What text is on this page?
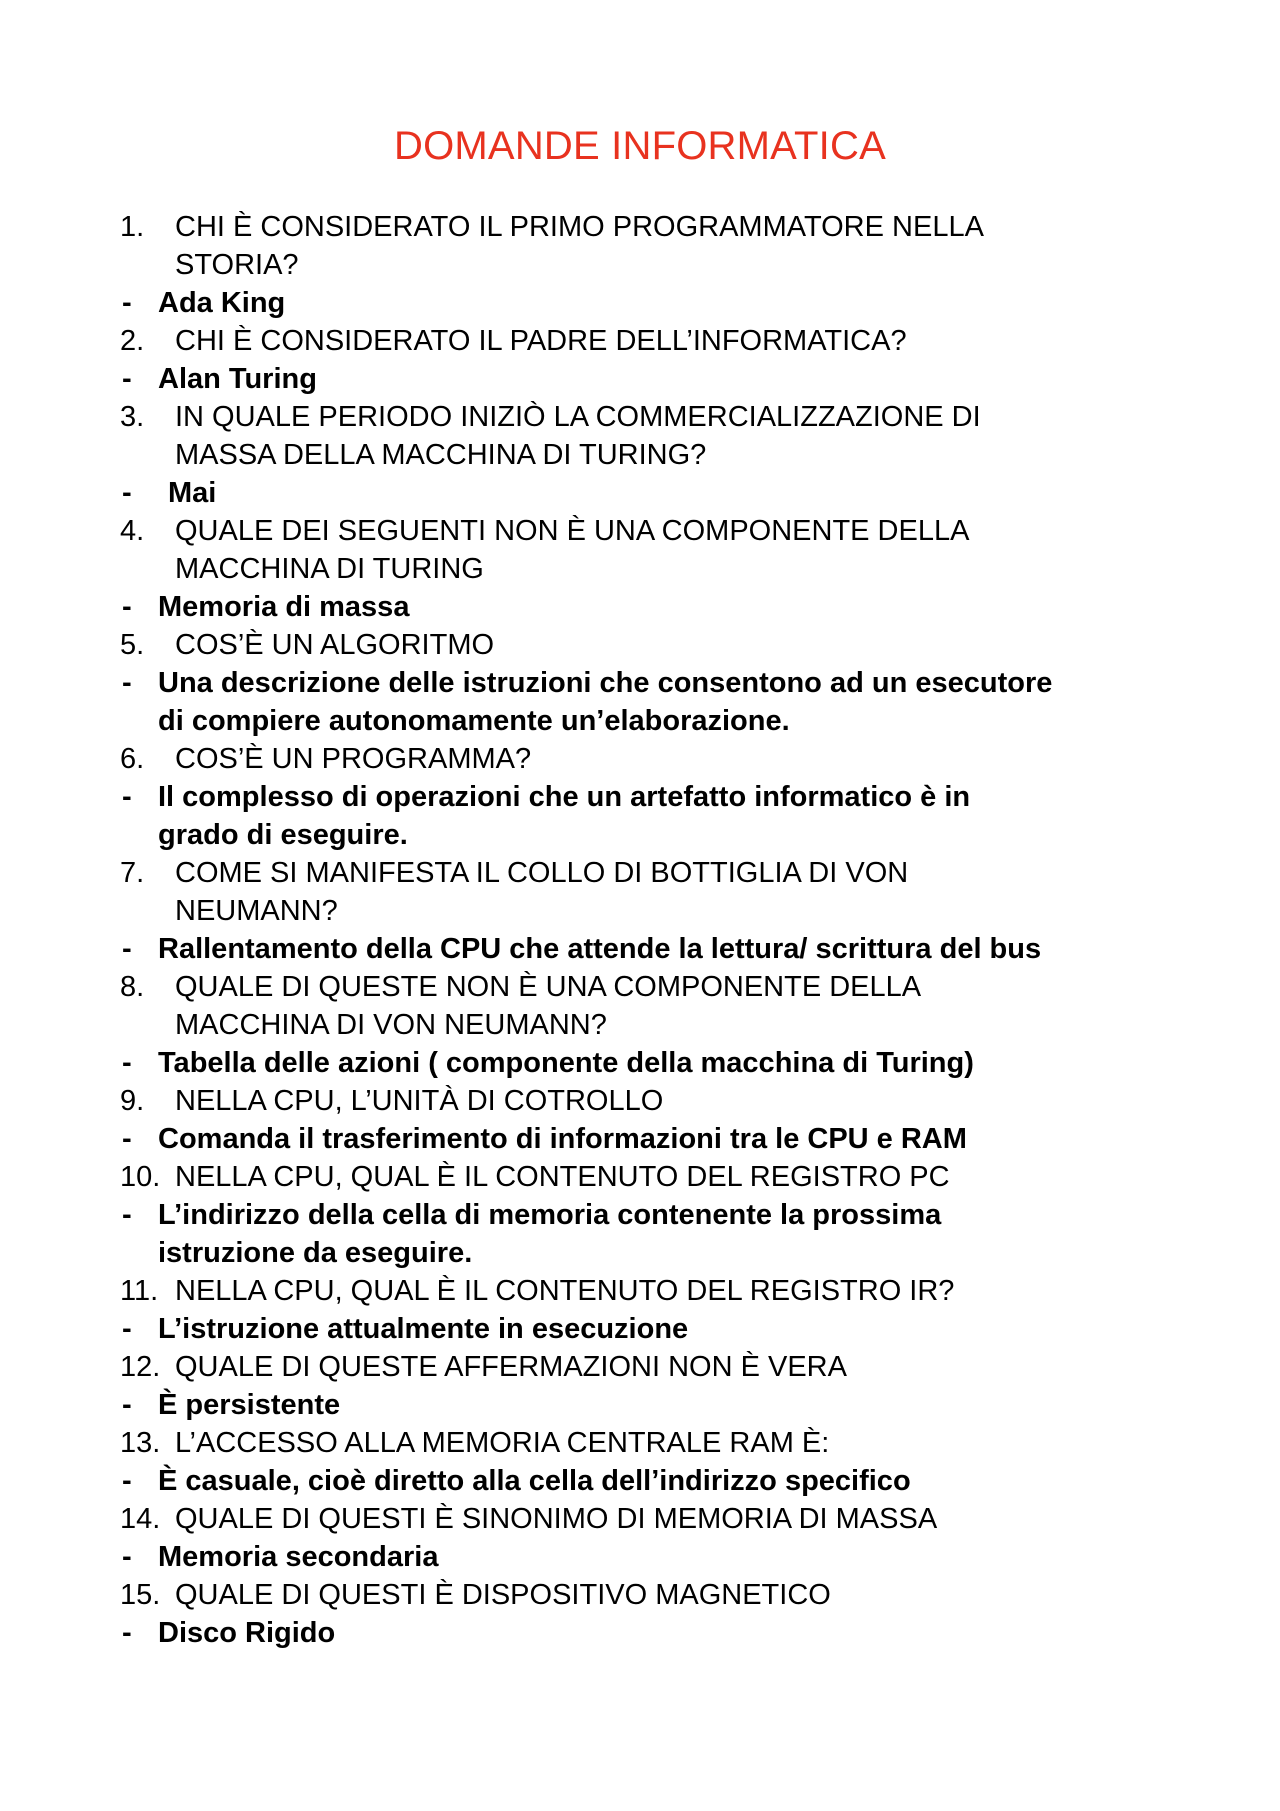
DOMANDE INFORMATICA
1.	CHI È CONSIDERATO IL PRIMO PROGRAMMATORE NELLA
STORIA?
- Ada King
2.	CHI È CONSIDERATO IL PADRE DELL’INFORMATICA?
- Alan Turing
3.	IN QUALE PERIODO INIZIÒ LA COMMERCIALIZZAZIONE DI
MASSA DELLA MACCHINA DI TURING?
- Mai
4.	QUALE DEI SEGUENTI NON È UNA COMPONENTE DELLA
MACCHINA DI TURING
- Memoria di massa
5.	COS’È UN ALGORITMO
- Una descrizione delle istruzioni che consentono ad un esecutore
di compiere autonomamente un’elaborazione.
6.	COS’È UN PROGRAMMA?
- Il complesso di operazioni che un artefatto informatico è in
grado di eseguire.
7.	COME SI MANIFESTA IL COLLO DI BOTTIGLIA DI VON
NEUMANN?
- Rallentamento della CPU che attende la lettura/ scrittura del bus
8.	QUALE DI QUESTE NON È UNA COMPONENTE DELLA
MACCHINA DI VON NEUMANN?
- Tabella delle azioni ( componente della macchina di Turing)
9.	NELLA CPU, L’UNITÀ DI COTROLLO
- Comanda il trasferimento di informazioni tra le CPU e RAM
10. NELLA CPU, QUAL È IL CONTENUTO DEL REGISTRO PC
- L’indirizzo della cella di memoria contenente la prossima
istruzione da eseguire.
11. NELLA CPU, QUAL È IL CONTENUTO DEL REGISTRO IR?
- L’istruzione attualmente in esecuzione
12. QUALE DI QUESTE AFFERMAZIONI NON È VERA
- È persistente
13. L’ACCESSO ALLA MEMORIA CENTRALE RAM È:
- È casuale, cioè diretto alla cella dell’indirizzo specifico
14. QUALE DI QUESTI È SINONIMO DI MEMORIA DI MASSA
- Memoria secondaria
15. QUALE DI QUESTI È DISPOSITIVO MAGNETICO
- Disco Rigido
